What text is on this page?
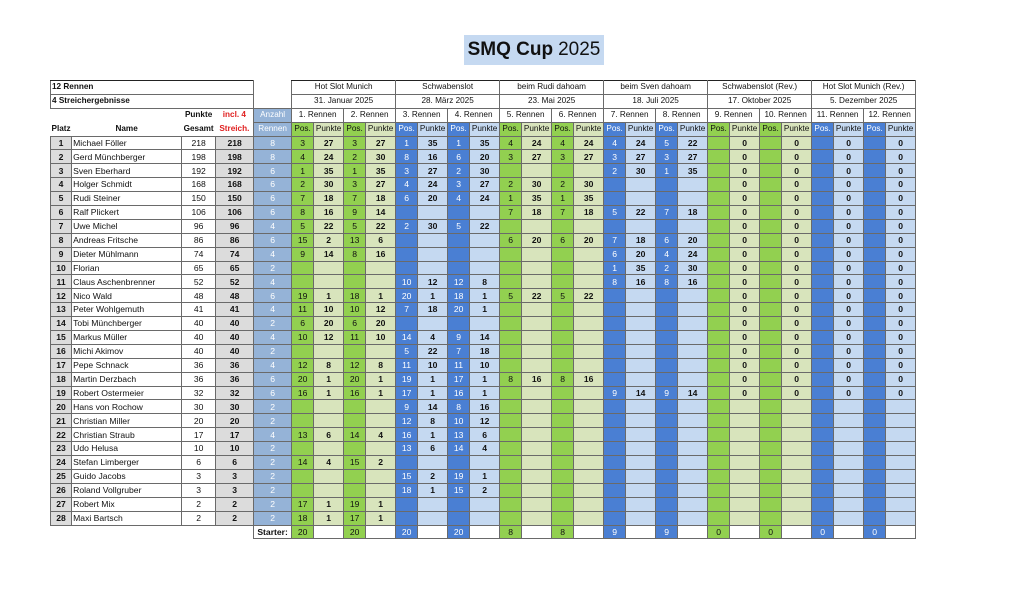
SMQ Cup 2025
12 Rennen					Hot Slot Munich				Schwabenslot				beim Rudi dahoam				beim Sven dahoam				Schwabenslot (Rev.)				Hot Slot Munich (Rev.)			
4 Streichergebnisse					31. Januar 2025				28. März 2025				23. Mai 2025				18. Juli 2025				17. Oktober 2025				5. Dezember 2025			
		Punkte	incl. 4	Anzahl	1. Rennen		2. Rennen		3. Rennen		4. Rennen		5. Rennen		6. Rennen		7. Rennen		8. Rennen		9. Rennen		10. Rennen		11. Rennen		12. Rennen	
Platz	Name	Gesamt	Streich.	Rennen	Pos.	Punkte	Pos.	Punkte	Pos.	Punkte	Pos.	Punkte	Pos.	Punkte	Pos.	Punkte	Pos.	Punkte	Pos.	Punkte	Pos.	Punkte	Pos.	Punkte	Pos.	Punkte	Pos.	Punkte
1	Michael Föller	218	218	8	3	27	3	27	1	35	1	35	4	24	4	24	4	24	5	22		0		0		0		0
2	Gerd Münchberger	198	198	8	4	24	2	30	8	16	6	20	3	27	3	27	3	27	3	27		0		0		0		0
3	Sven Eberhard	192	192	6	1	35	1	35	3	27	2	30					2	30	1	35		0		0		0		0
4	Holger Schmidt	168	168	6	2	30	3	27	4	24	3	27	2	30	2	30						0		0		0		0
5	Rudi Steiner	150	150	6	7	18	7	18	6	20	4	24	1	35	1	35						0		0		0		0
6	Ralf Plickert	106	106	6	8	16	9	14					7	18	7	18	5	22	7	18		0		0		0		0
7	Uwe Michel	96	96	4	5	22	5	22	2	30	5	22										0		0		0		0
8	Andreas Fritsche	86	86	6	15	2	13	6					6	20	6	20	7	18	6	20		0		0		0		0
9	Dieter Mühlmann	74	74	4	9	14	8	16									6	20	4	24		0		0		0		0
10	Florian	65	65	2													1	35	2	30		0		0		0		0
11	Claus Aschenbrenner	52	52	4					10	12	12	8					8	16	8	16		0		0		0		0
12	Nico Wald	48	48	6	19	1	18	1	20	1	18	1	5	22	5	22						0		0		0		0
13	Peter Wohlgemuth	41	41	4	11	10	10	12	7	18	20	1										0		0		0		0
14	Tobi Münchberger	40	40	2	6	20	6	20														0		0		0		0
15	Markus Müller	40	40	4	10	12	11	10	14	4	9	14										0		0		0		0
16	Michi Akimov	40	40	2					5	22	7	18										0		0		0		0
17	Pepe Schnack	36	36	4	12	8	12	8	11	10	11	10										0		0		0		0
18	Martin Derzbach	36	36	6	20	1	20	1	19	1	17	1	8	16	8	16						0		0		0		0
19	Robert Ostermeier	32	32	6	16	1	16	1	17	1	16	1					9	14	9	14		0		0		0		0
20	Hans von Rochow	30	30	2					9	14	8	16																
21	Christian Miller	20	20	2					12	8	10	12																
22	Christian Straub	17	17	4	13	6	14	4	16	1	13	6																
23	Udo Helusa	10	10	2					13	6	14	4																
24	Stefan Limberger	6	6	2	14	4	15	2																				
25	Guido Jacobs	3	3	2					15	2	19	1																
26	Roland Vollgruber	3	3	2					18	1	15	2																
27	Robert Mix	2	2	2	17	1	19	1																				
28	Maxi Bartsch	2	2	2	18	1	17	1																				
				Starter:	20		20		20		20		8		8		9		9		0		0		0		0	
